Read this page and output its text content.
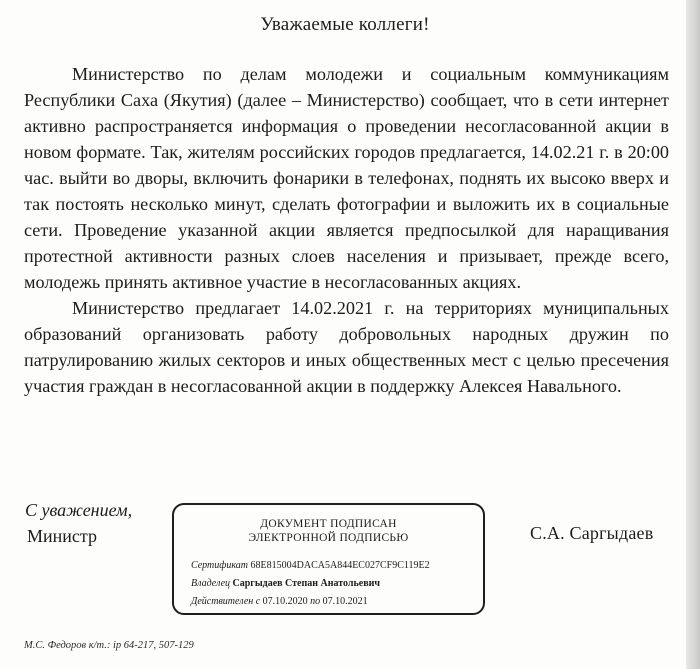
Уважаемые коллеги!

Министерство по делам молодежи и социальным коммуникациям Республики Саха (Якутия) (далее – Министерство) сообщает, что в сети интернет активно распространяется информация о проведении несогласованной акции в новом формате. Так, жителям российских городов предлагается, 14.02.21 г. в 20:00 час. выйти во дворы, включить фонарики в телефонах, поднять их высоко вверх и так постоять несколько минут, сделать фотографии и выложить их в социальные сети. Проведение указанной акции является предпосылкой для наращивания протестной активности разных слоев населения и призывает, прежде всего, молодежь принять активное участие в несогласованных акциях.

Министерство предлагает 14.02.2021 г. на территориях муниципальных образований организовать работу добровольных народных дружин по патрулированию жилых секторов и иных общественных мест с целью пресечения участия граждан в несогласованной акции в поддержку Алексея Навального.

С уважением,
Министр
ДОКУМЕНТ ПОДПИСАН
ЭЛЕКТРОННОЙ ПОДПИСЬЮ
Сертификат 68E815004DACA5A844EC027CF9C119E2
Владелец Саргыдаев Степан Анатольевич
Действителен с 07.10.2020 по 07.10.2021
С.А. Саргыдаев
М.С. Федоров к/т.: ip 64-217, 507-129
